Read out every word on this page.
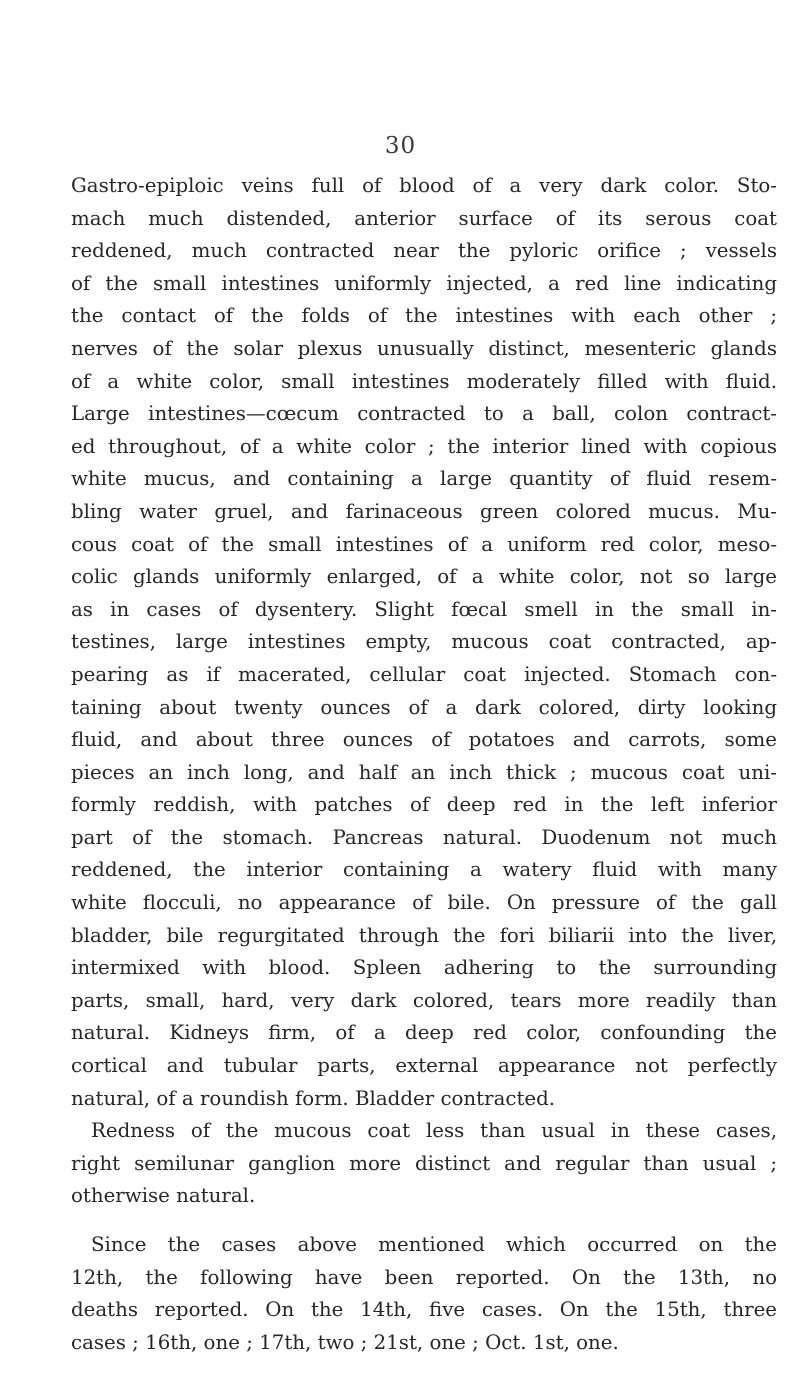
30
Gastro-epiploic veins full of blood of a very dark color. Sto-
mach much distended, anterior surface of its serous coat
reddened, much contracted near the pyloric orifice ; vessels
of the small intestines uniformly injected, a red line indicating
the contact of the folds of the intestines with each other ;
nerves of the solar plexus unusually distinct, mesenteric glands
of a white color, small intestines moderately filled with fluid.
Large intestines—cœcum contracted to a ball, colon contract-
ed throughout, of a white color ; the interior lined with copious
white mucus, and containing a large quantity of fluid resem-
bling water gruel, and farinaceous green colored mucus. Mu-
cous coat of the small intestines of a uniform red color, meso-
colic glands uniformly enlarged, of a white color, not so large
as in cases of dysentery. Slight fœcal smell in the small in-
testines, large intestines empty, mucous coat contracted, ap-
pearing as if macerated, cellular coat injected. Stomach con-
taining about twenty ounces of a dark colored, dirty looking
fluid, and about three ounces of potatoes and carrots, some
pieces an inch long, and half an inch thick ; mucous coat uni-
formly reddish, with patches of deep red in the left inferior
part of the stomach. Pancreas natural. Duodenum not much
reddened, the interior containing a watery fluid with many
white flocculi, no appearance of bile. On pressure of the gall
bladder, bile regurgitated through the fori biliarii into the liver,
intermixed with blood. Spleen adhering to the surrounding
parts, small, hard, very dark colored, tears more readily than
natural. Kidneys firm, of a deep red color, confounding the
cortical and tubular parts, external appearance not perfectly
natural, of a roundish form. Bladder contracted.
Redness of the mucous coat less than usual in these cases,
right semilunar ganglion more distinct and regular than usual ;
otherwise natural.
Since the cases above mentioned which occurred on the
12th, the following have been reported. On the 13th, no
deaths reported. On the 14th, five cases. On the 15th, three
cases ; 16th, one ; 17th, two ; 21st, one ; Oct. 1st, one.
